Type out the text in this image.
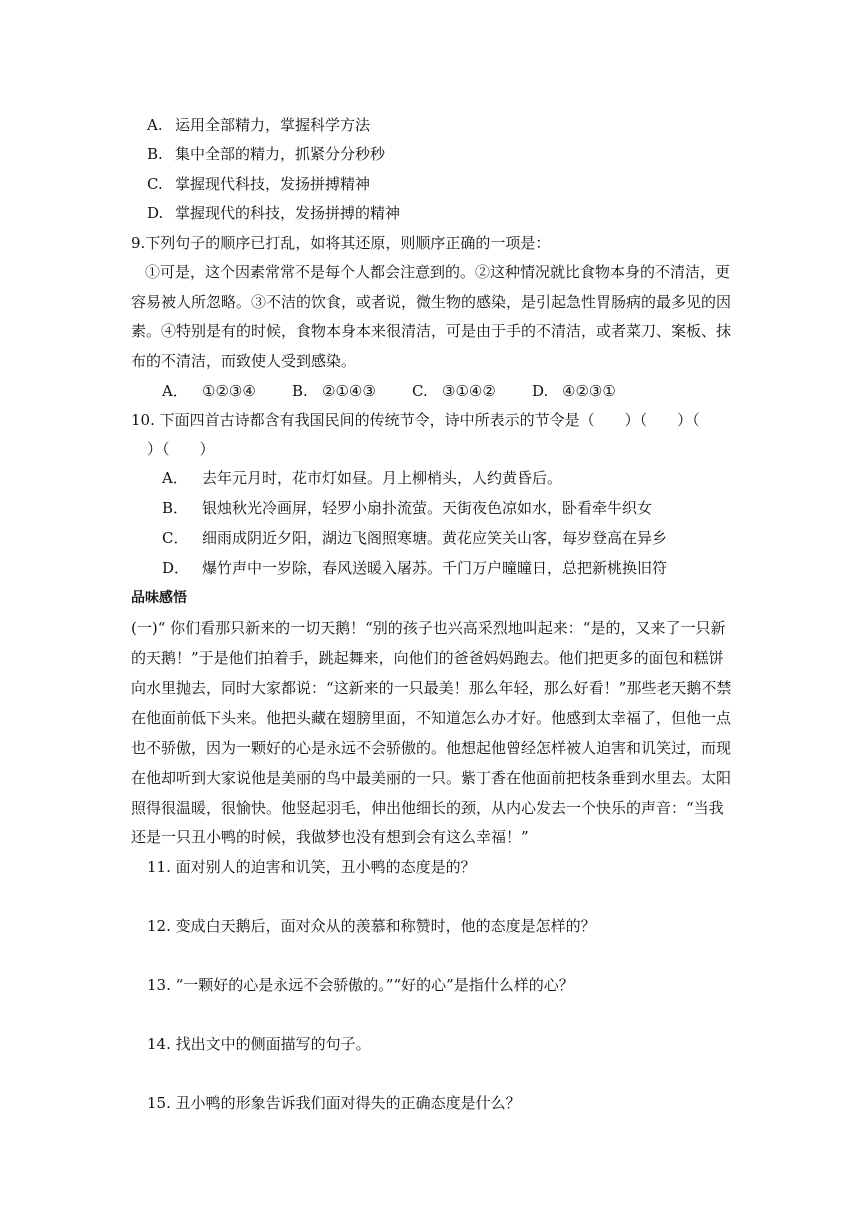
A. 运用全部精力，掌握科学方法
B. 集中全部的精力，抓紧分分秒秒
C. 掌握现代科技，发扬拼搏精神
D. 掌握现代的科技，发扬拼搏的精神
9.下列句子的顺序已打乱，如将其还原，则顺序正确的一项是：
①可是，这个因素常常不是每个人都会注意到的。②这种情况就比食物本身的不清洁，更
容易被人所忽略。③不洁的饮食，或者说，微生物的感染，是引起急性胃肠病的最多见的因
素。④特别是有的时候，食物本身本来很清洁，可是由于手的不清洁，或者菜刀、案板、抹
布的不清洁，而致使人受到感染。
A． ①②③④ B. ②①④③ C. ③①④② D. ④②③①
10. 下面四首古诗都含有我国民间的传统节令，诗中所表示的节令是（　　）（　　）（
）（　　）
A． 去年元月时，花市灯如昼。月上柳梢头，人约黄昏后。
B． 银烛秋光冷画屏，轻罗小扇扑流萤。天街夜色凉如水，卧看牵牛织女
C． 细雨成阴近夕阳，湖边飞阁照寒塘。黄花应笑关山客，每岁登高在异乡
D． 爆竹声中一岁除，春风送暖入屠苏。千门万户曈曈日，总把新桃换旧符
品味感悟
(一)“ 你们看那只新来的一切天鹅！“别的孩子也兴高采烈地叫起来：“是的，又来了一只新
的天鹅！”于是他们拍着手，跳起舞来，向他们的爸爸妈妈跑去。他们把更多的面包和糕饼
向水里抛去，同时大家都说：“这新来的一只最美！那么年轻，那么好看！”那些老天鹅不禁
在他面前低下头来。他把头藏在翅膀里面，不知道怎么办才好。他感到太幸福了，但他一点
也不骄傲，因为一颗好的心是永远不会骄傲的。他想起他曾经怎样被人迫害和讥笑过，而现
在他却听到大家说他是美丽的鸟中最美丽的一只。紫丁香在他面前把枝条垂到水里去。太阳
照得很温暖，很愉快。他竖起羽毛，伸出他细长的颈，从内心发去一个快乐的声音：“当我
还是一只丑小鸭的时候，我做梦也没有想到会有这么幸福！”
11. 面对别人的迫害和讥笑，丑小鸭的态度是的？
12. 变成白天鹅后，面对众从的羡慕和称赞时，他的态度是怎样的？
13. “一颗好的心是永远不会骄傲的。”“好的心”是指什么样的心？
14. 找出文中的侧面描写的句子。
15. 丑小鸭的形象告诉我们面对得失的正确态度是什么？
